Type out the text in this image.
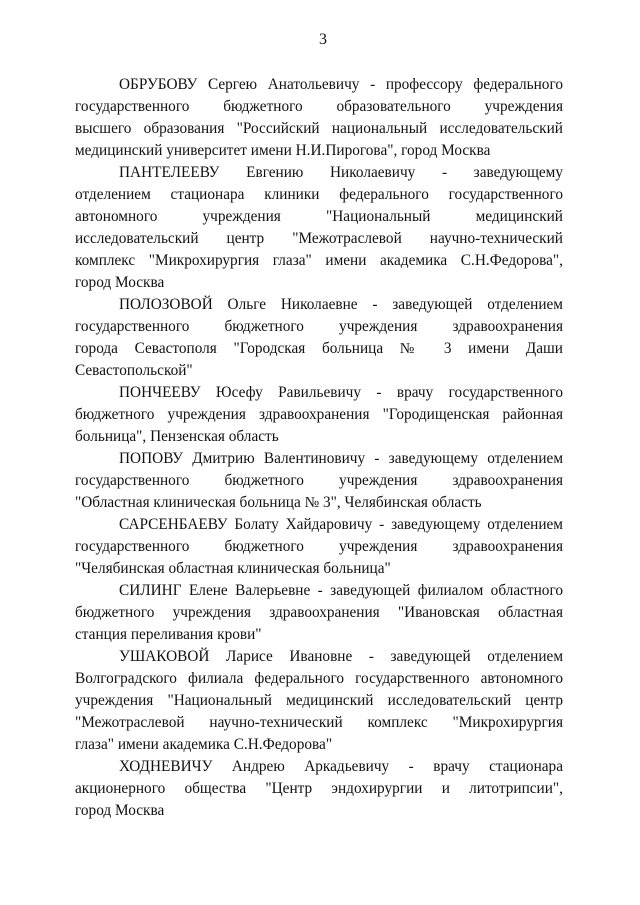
3
ОБРУБОВУ Сергею Анатольевичу - профессору федерального
государственного бюджетного образовательного учреждения
высшего образования "Российский национальный исследовательский
медицинский университет имени Н.И.Пирогова", город Москва
ПАНТЕЛЕЕВУ Евгению Николаевичу - заведующему
отделением стационара клиники федерального государственного
автономного учреждения "Национальный медицинский
исследовательский центр "Межотраслевой научно-технический
комплекс "Микрохирургия глаза" имени академика С.Н.Федорова",
город Москва
ПОЛОЗОВОЙ Ольге Николаевне - заведующей отделением
государственного бюджетного учреждения здравоохранения
города Севастополя "Городская больница № 3 имени Даши
Севастопольской"
ПОНЧЕЕВУ Юсефу Равильевичу - врачу государственного
бюджетного учреждения здравоохранения "Городищенская районная
больница", Пензенская область
ПОПОВУ Дмитрию Валентиновичу - заведующему отделением
государственного бюджетного учреждения здравоохранения
"Областная клиническая больница № 3", Челябинская область
САРСЕНБАЕВУ Болату Хайдаровичу - заведующему отделением
государственного бюджетного учреждения здравоохранения
"Челябинская областная клиническая больница"
СИЛИНГ Елене Валерьевне - заведующей филиалом областного
бюджетного учреждения здравоохранения "Ивановская областная
станция переливания крови"
УШАКОВОЙ Ларисе Ивановне - заведующей отделением
Волгоградского филиала федерального государственного автономного
учреждения "Национальный медицинский исследовательский центр
"Межотраслевой научно-технический комплекс "Микрохирургия
глаза" имени академика С.Н.Федорова"
ХОДНЕВИЧУ Андрею Аркадьевичу - врачу стационара
акционерного общества "Центр эндохирургии и литотрипсии",
город Москва
